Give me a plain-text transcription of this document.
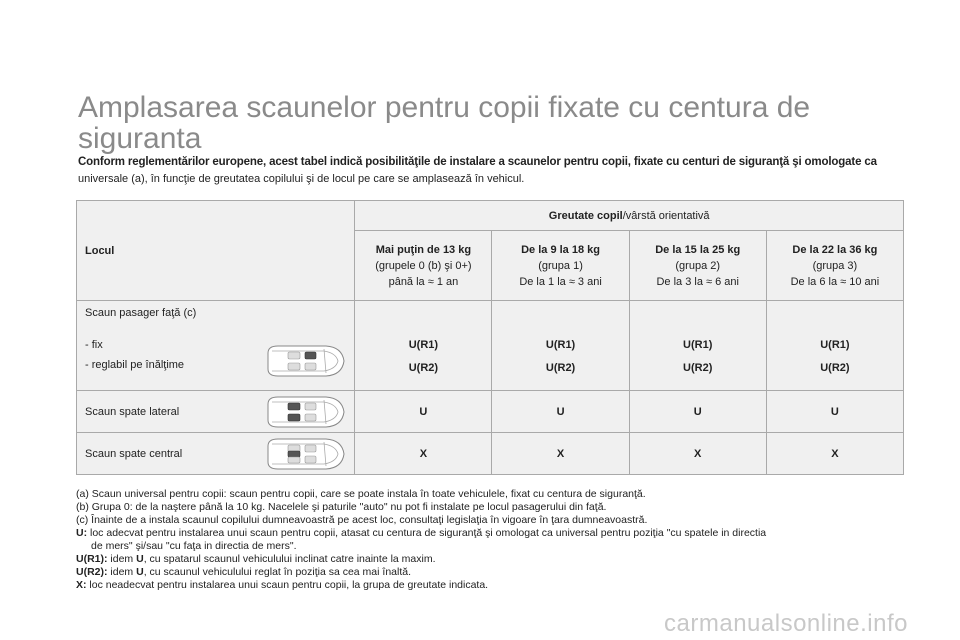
Amplasarea scaunelor pentru copii fixate cu centura de siguranta
Conform reglementărilor europene, acest tabel indică posibilităţile de instalare a scaunelor pentru copii, fixate cu centuri de siguranţă şi omologate ca
universale (a), în funcţie de greutatea copilului şi de locul pe care se amplasează în vehicul.
Locul	Greutate copil/vârstă orientativă			

	Mai puţin de 13 kg
(grupele 0 (b) şi 0+)
până la ≈ 1 an	De la 9 la 18 kg
(grupa 1)
De la 1 la ≈ 3 ani	De la 15 la 25 kg
(grupa 2)
De la 3 la ≈ 6 ani	De la 22 la 36 kg
(grupa 3)
De la 6 la ≈ 10 ani

Scaun pasager faţă (c)
- fix
- reglabil pe înălţime	U(R1)
U(R2)	U(R1)
U(R2)	U(R1)
U(R2)	U(R1)
U(R2)

Scaun spate lateral	U	U	U	U

Scaun spate central	X	X	X	X

(a) Scaun universal pentru copii: scaun pentru copii, care se poate instala în toate vehiculele, fixat cu centura de siguranţă.

(b) Grupa 0: de la naştere până la 10 kg. Nacelele şi paturile "auto" nu pot fi instalate pe locul pasagerului din faţă.

(c) Înainte de a instala scaunul copilului dumneavoastră pe acest loc, consultaţi legislaţia în vigoare în ţara dumneavoastră.

U: loc adecvat pentru instalarea unui scaun pentru copii, atasat cu centura de siguranţă şi omologat ca universal pentru poziţia "cu spatele in directia

de mers" şi/sau "cu faţa in directia de mers".

U(R1): idem U, cu spatarul scaunul vehiculului inclinat catre inainte la maxim.

U(R2): idem U, cu scaunul vehiculului reglat în poziţia sa cea mai înaltă.

X: loc neadecvat pentru instalarea unui scaun pentru copii, la grupa de greutate indicata.

carmanualsonline.info
